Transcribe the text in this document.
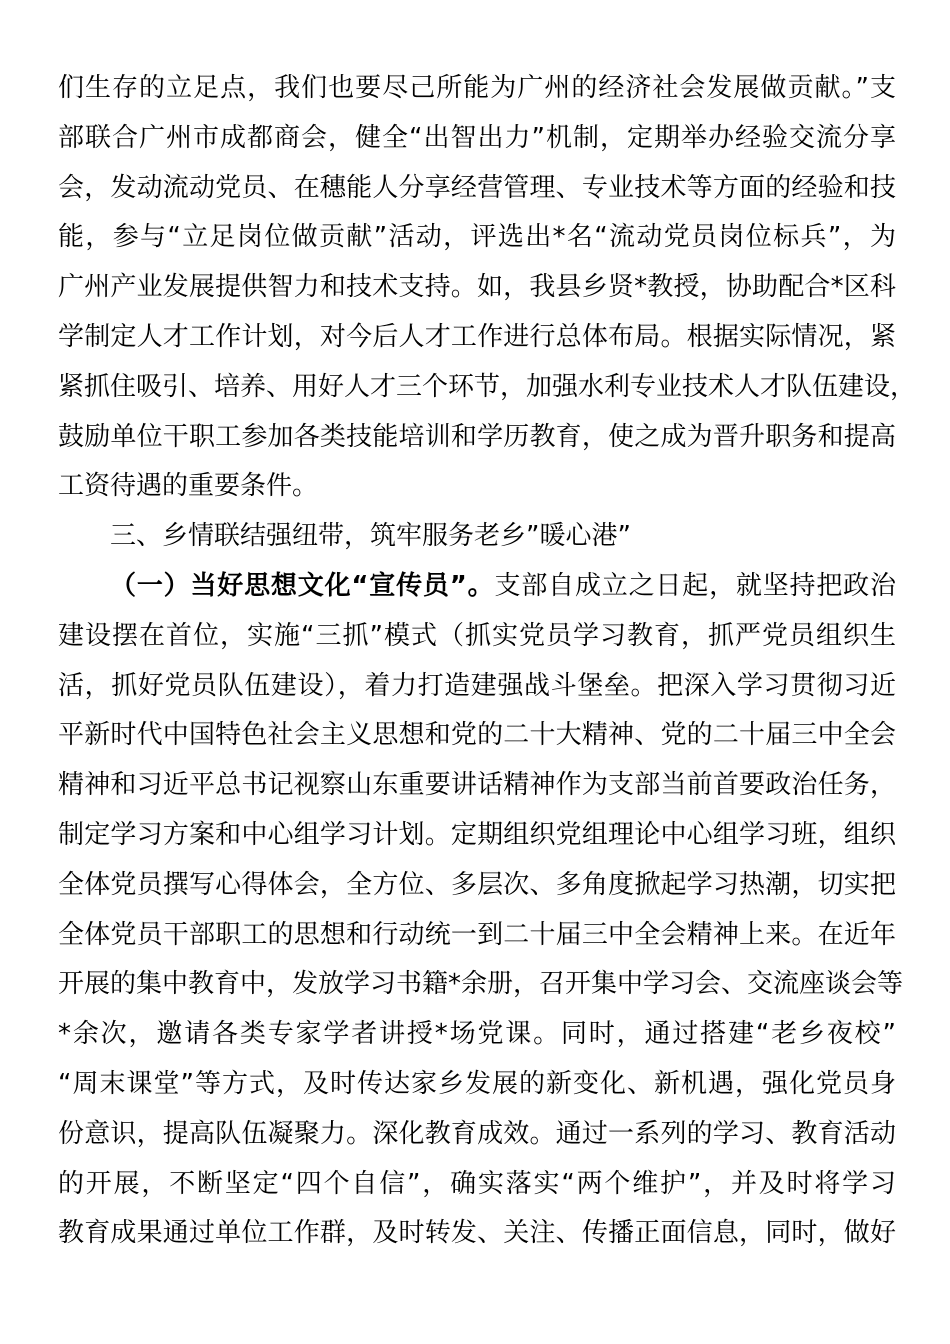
们生存的立足点，我们也要尽己所能为广州的经济社会发展做贡献。”支
部联合广州市成都商会，健全“出智出力”机制，定期举办经验交流分享
会，发动流动党员、在穗能人分享经营管理、专业技术等方面的经验和技
能，参与“立足岗位做贡献”活动，评选出*名“流动党员岗位标兵”，为
广州产业发展提供智力和技术支持。如，我县乡贤*教授，协助配合*区科
学制定人才工作计划，对今后人才工作进行总体布局。根据实际情况，紧
紧抓住吸引、培养、用好人才三个环节，加强水利专业技术人才队伍建设，
鼓励单位干职工参加各类技能培训和学历教育，使之成为晋升职务和提高
工资待遇的重要条件。
三、乡情联结强纽带，筑牢服务老乡”暖心港”
（一）当好思想文化“宣传员”。支部自成立之日起，就坚持把政治
建设摆在首位，实施“三抓”模式（抓实党员学习教育，抓严党员组织生
活，抓好党员队伍建设），着力打造建强战斗堡垒。把深入学习贯彻习近
平新时代中国特色社会主义思想和党的二十大精神、党的二十届三中全会
精神和习近平总书记视察山东重要讲话精神作为支部当前首要政治任务，
制定学习方案和中心组学习计划。定期组织党组理论中心组学习班，组织
全体党员撰写心得体会，全方位、多层次、多角度掀起学习热潮，切实把
全体党员干部职工的思想和行动统一到二十届三中全会精神上来。在近年
开展的集中教育中，发放学习书籍*余册，召开集中学习会、交流座谈会等
*余次，邀请各类专家学者讲授*场党课。同时，通过搭建“老乡夜校”
“周末课堂”等方式，及时传达家乡发展的新变化、新机遇，强化党员身
份意识，提高队伍凝聚力。深化教育成效。通过一系列的学习、教育活动
的开展，不断坚定“四个自信”，确实落实“两个维护”，并及时将学习
教育成果通过单位工作群，及时转发、关注、传播正面信息，同时，做好
